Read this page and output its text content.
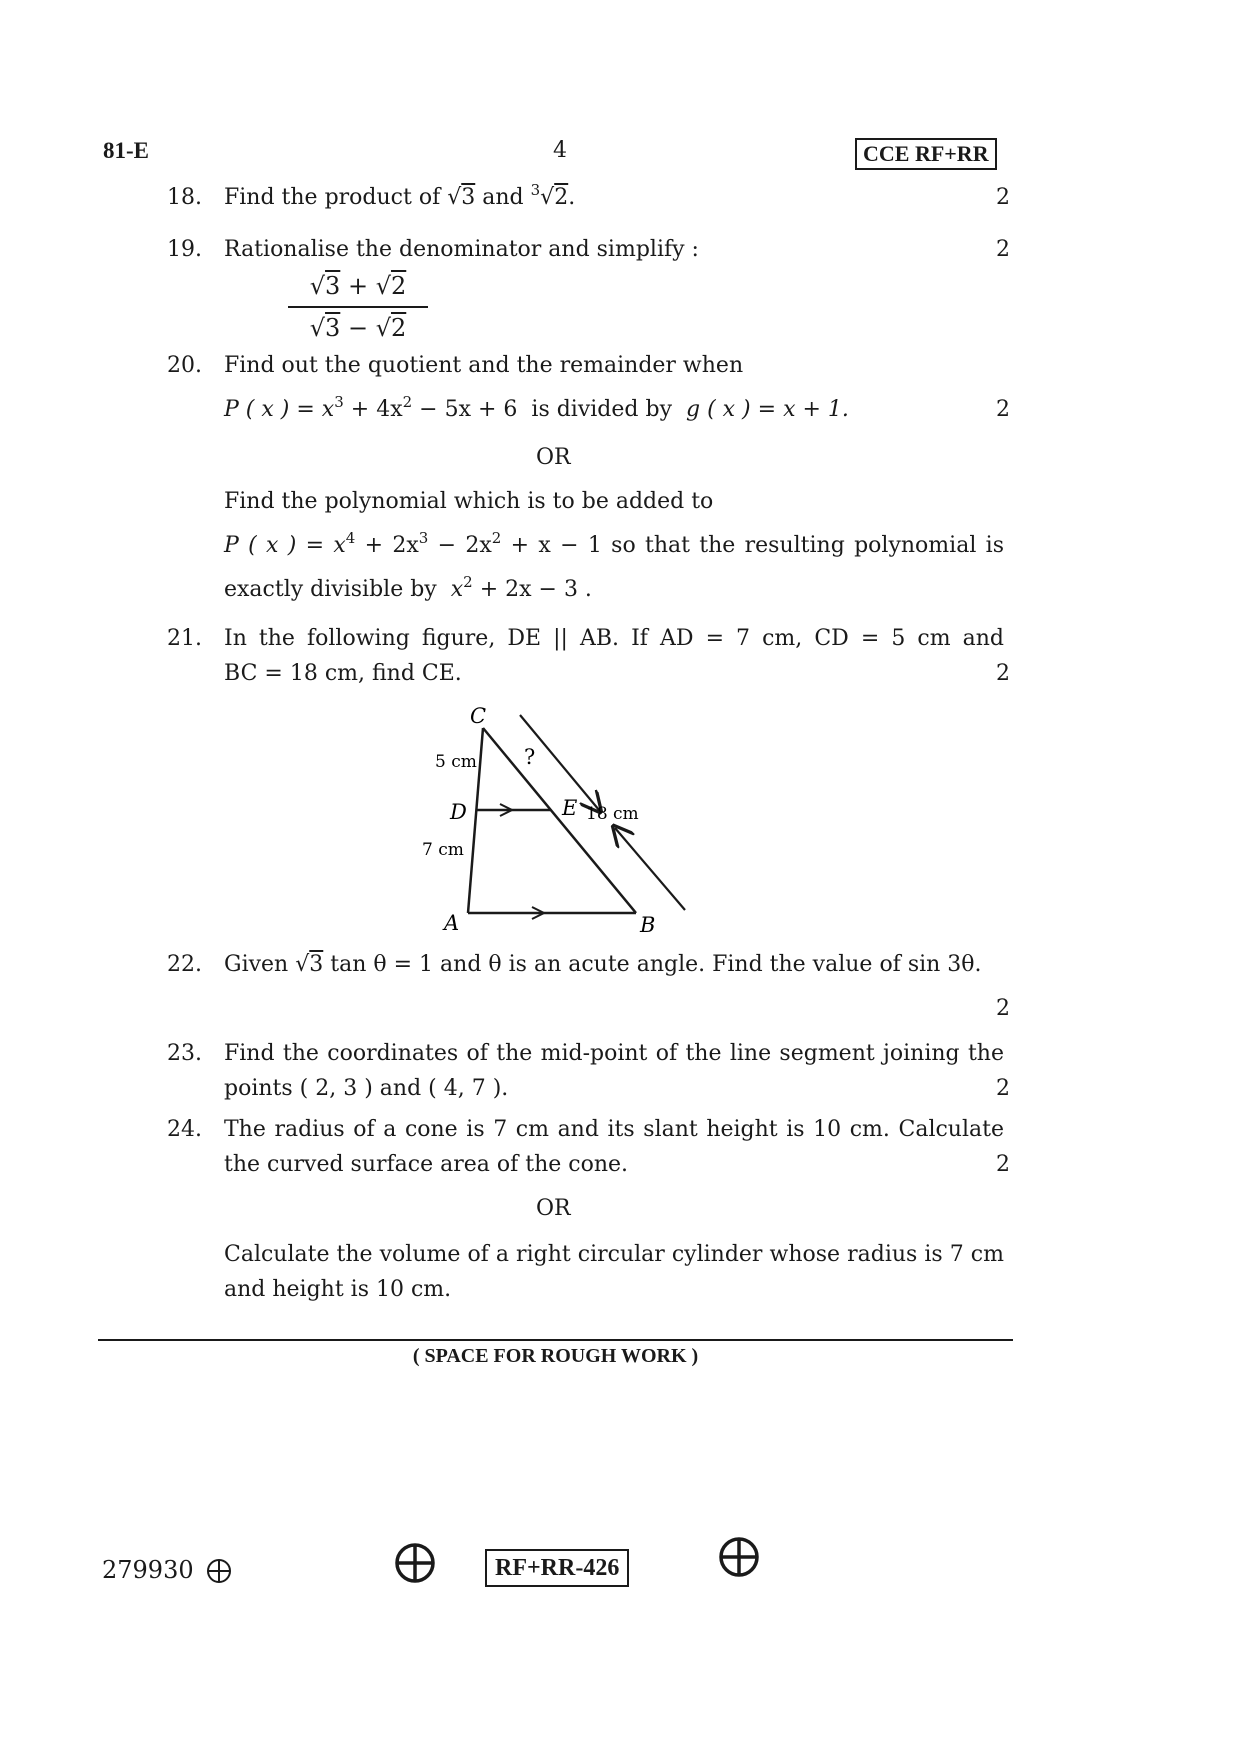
81-E	4	CCE RF+RR
18. Find the product of √3 and $^3$√2.	2
19. Rationalise the denominator and simplify :	2
√3 + √2
√3 − √2
20. Find out the quotient and the remainder when
P ( x ) = $x^3 + 4x^2 - 5x + 6$ is divided by g ( x ) = x + 1.	2
OR
Find the polynomial which is to be added to
P ( x ) = $x^4 + 2x^3 - 2x^2 + x - 1$ so that the resulting polynomial is
exactly divisible by $x^2 + 2x - 3$ .
21. In the following figure, DE || AB. If AD = 7 cm, CD = 5 cm and
BC = 18 cm, find CE.	2
C
D	E
A	B
5 cm
7 cm
18 cm
?
22. Given √3 tan θ = 1 and θ is an acute angle. Find the value of sin 3θ.
2
23. Find the coordinates of the mid-point of the line segment joining the
points ( 2, 3 ) and ( 4, 7 ).	2
24. The radius of a cone is 7 cm and its slant height is 10 cm. Calculate
the curved surface area of the cone.	2
OR
Calculate the volume of a right circular cylinder whose radius is 7 cm
and height is 10 cm.
( SPACE FOR ROUGH WORK )
279930	RF+RR-426
